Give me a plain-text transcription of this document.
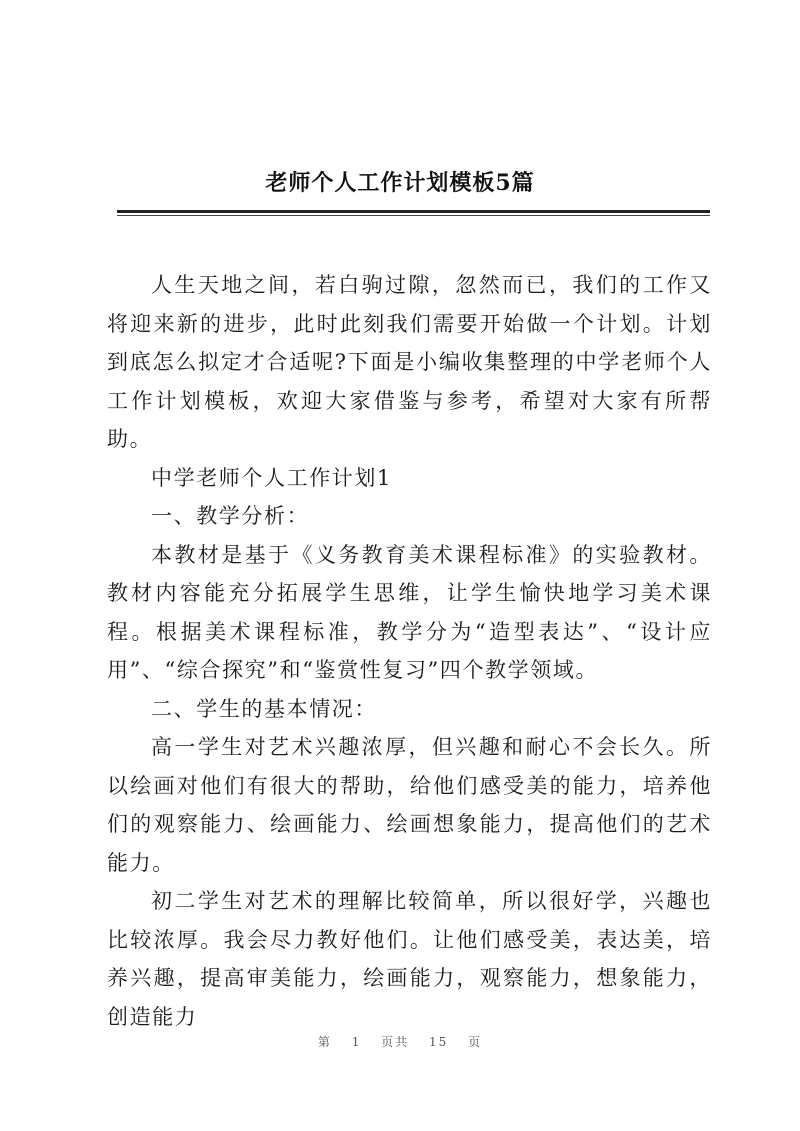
老师个人工作计划模板5篇

人生天地之间，若白驹过隙，忽然而已，我们的工作又将迎来新的进步，此时此刻我们需要开始做一个计划。计划到底怎么拟定才合适呢?下面是小编收集整理的中学老师个人工作计划模板，欢迎大家借鉴与参考，希望对大家有所帮助。

中学老师个人工作计划1

一、教学分析：

本教材是基于《义务教育美术课程标准》的实验教材。教材内容能充分拓展学生思维，让学生愉快地学习美术课程。根据美术课程标准，教学分为“造型表达”、“设计应用”、“综合探究”和“鉴赏性复习”四个教学领域。

二、学生的基本情况：

高一学生对艺术兴趣浓厚，但兴趣和耐心不会长久。所以绘画对他们有很大的帮助，给他们感受美的能力，培养他们的观察能力、绘画能力、绘画想象能力，提高他们的艺术能力。

初二学生对艺术的理解比较简单，所以很好学，兴趣也比较浓厚。我会尽力教好他们。让他们感受美，表达美，培养兴趣，提高审美能力，绘画能力，观察能力，想象能力，创造能力

第 1 页共 15 页
